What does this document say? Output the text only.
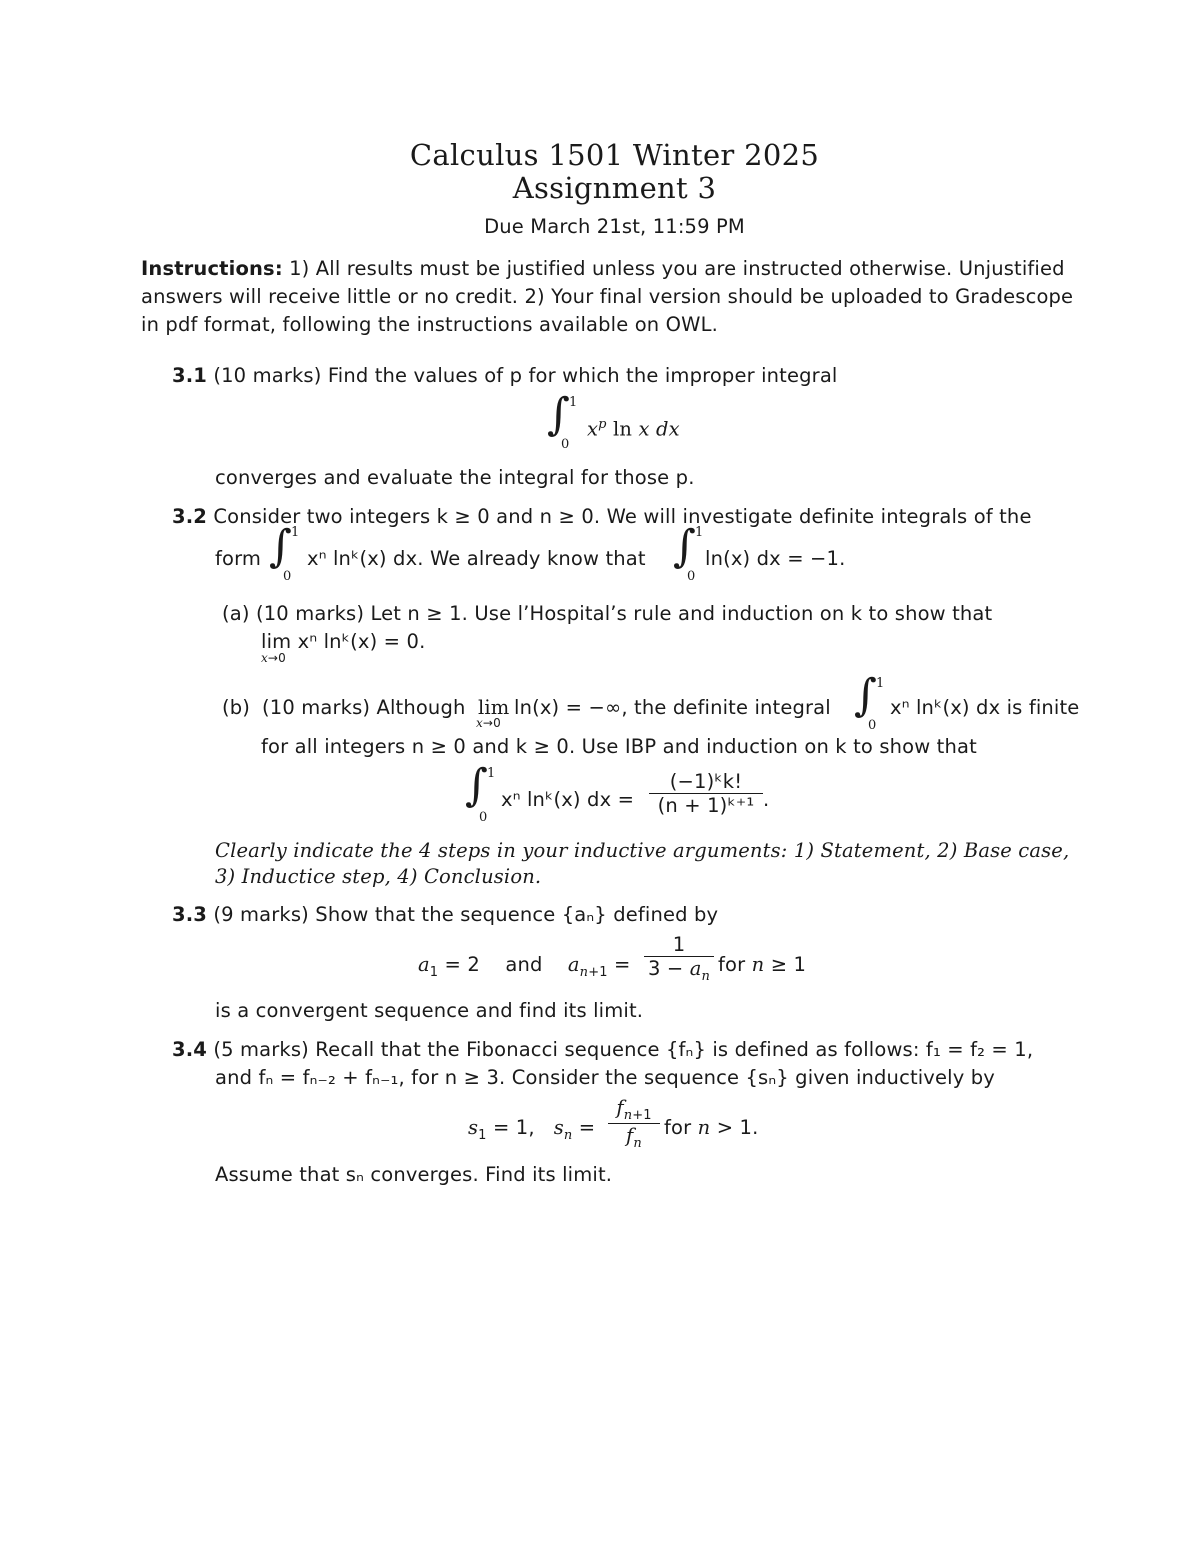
Calculus 1501 Winter 2025
Assignment 3
Due March 21st, 11:59 PM
Instructions: 1) All results must be justified unless you are instructed otherwise. Unjustified
answers will receive little or no credit. 2) Your final version should be uploaded to Gradescope
in pdf format, following the instructions available on OWL.
3.1 (10 marks) Find the values of p for which the improper integral
∫
1
0
$x^p$ ln x dx
converges and evaluate the integral for those p.
3.2 Consider two integers k ≥ 0 and n ≥ 0. We will investigate definite integrals of the
form ∫
1
0
xⁿ lnᵏ(x) dx. We already know that ∫
1
0
ln(x) dx = −1.
(a) (10 marks) Let n ≥ 1. Use l’Hospital’s rule and induction on k to show that
lim xⁿ lnᵏ(x) = 0.
x→0
(b) (10 marks) Although lim
x→0
ln(x) = −∞, the definite integral ∫
1
0
xⁿ lnᵏ(x) dx is finite
for all integers n ≥ 0 and k ≥ 0. Use IBP and induction on k to show that
∫
1
0
xⁿ lnᵏ(x) dx = $\frac{\text{(−1)ᵏk!}}{\text{(n + 1)ᵏ⁺¹}}$ .
Clearly indicate the 4 steps in your inductive arguments: 1) Statement, 2) Base case,
3) Inductice step, 4) Conclusion.
3.3 (9 marks) Show that the sequence {aₙ} defined by
$a_1 = 2$    and    $a_{n+1} = \frac{1}{3 - a_n}$ for n ≥ 1
is a convergent sequence and find its limit.
3.4 (5 marks) Recall that the Fibonacci sequence {fₙ} is defined as follows: f₁ = f₂ = 1,
and fₙ = fₙ₋₂ + fₙ₋₁, for n ≥ 3. Consider the sequence {sₙ} given inductively by
$s_1 = 1$,   $s_n = \frac{f_{n+1}}{f_n}$ for n > 1.
Assume that sₙ converges. Find its limit.
